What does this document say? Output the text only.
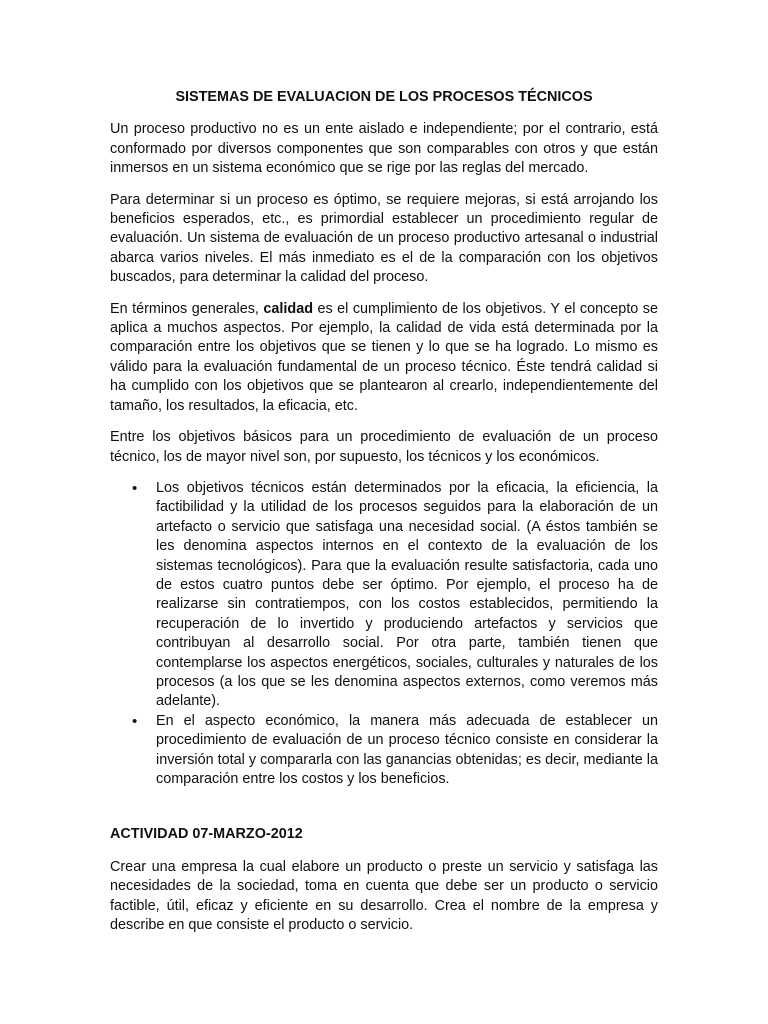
SISTEMAS DE EVALUACION DE LOS PROCESOS TÉCNICOS

Un proceso productivo no es un ente aislado e independiente; por el contrario, está conformado por diversos componentes que son comparables con otros y que están inmersos en un sistema económico que se rige por las reglas del mercado.

Para determinar si un proceso es óptimo, se requiere mejoras, si está arrojando los beneficios esperados, etc., es primordial establecer un procedimiento regular de evaluación. Un sistema de evaluación de un proceso productivo artesanal o industrial abarca varios niveles. El más inmediato es el de la comparación con los objetivos buscados, para determinar la calidad del proceso.

En términos generales, calidad es el cumplimiento de los objetivos. Y el concepto se aplica a muchos aspectos. Por ejemplo, la calidad de vida está determinada por la comparación entre los objetivos que se tienen y lo que se ha logrado. Lo mismo es válido para la evaluación fundamental de un proceso técnico. Éste tendrá calidad si ha cumplido con los objetivos que se plantearon al crearlo, independientemente del tamaño, los resultados, la eficacia, etc.

Entre los objetivos básicos para un procedimiento de evaluación de un proceso técnico, los de mayor nivel son, por supuesto, los técnicos y los económicos.

• Los objetivos técnicos están determinados por la eficacia, la eficiencia, la factibilidad y la utilidad de los procesos seguidos para la elaboración de un artefacto o servicio que satisfaga una necesidad social. (A éstos también se les denomina aspectos internos en el contexto de la evaluación de los sistemas tecnológicos). Para que la evaluación resulte satisfactoria, cada uno de estos cuatro puntos debe ser óptimo. Por ejemplo, el proceso ha de realizarse sin contratiempos, con los costos establecidos, permitiendo la recuperación de lo invertido y produciendo artefactos y servicios que contribuyan al desarrollo social. Por otra parte, también tienen que contemplarse los aspectos energéticos, sociales, culturales y naturales de los procesos (a los que se les denomina aspectos externos, como veremos más adelante).
• En el aspecto económico, la manera más adecuada de establecer un procedimiento de evaluación de un proceso técnico consiste en considerar la inversión total y compararla con las ganancias obtenidas; es decir, mediante la comparación entre los costos y los beneficios.
ACTIVIDAD 07-MARZO-2012

Crear una empresa la cual elabore un producto o preste un servicio y satisfaga las necesidades de la sociedad, toma en cuenta que debe ser un producto o servicio factible, útil, eficaz y eficiente en su desarrollo. Crea el nombre de la empresa y describe en que consiste el producto o servicio.
